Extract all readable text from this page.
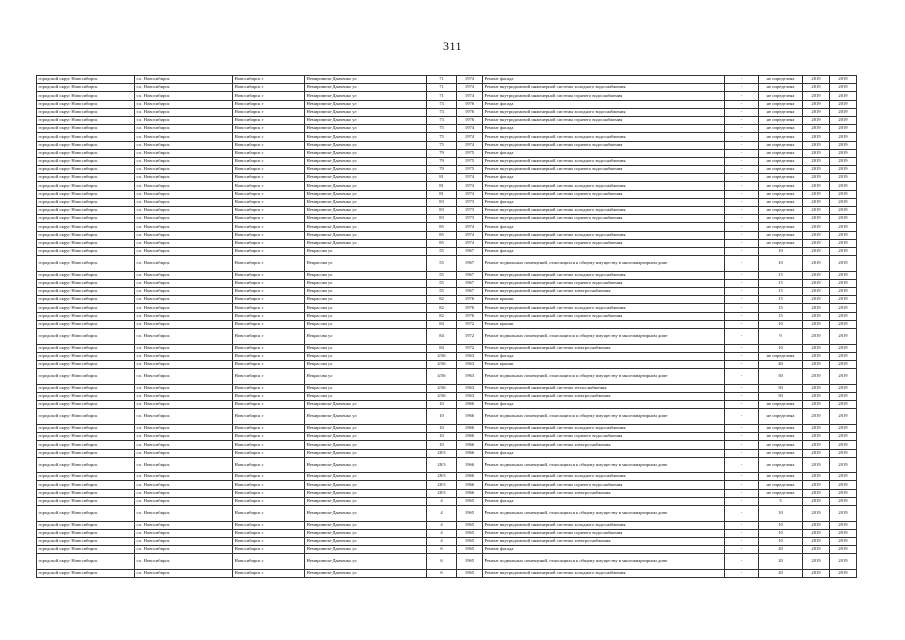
311
городской округ Новосибирск	г.о. Новосибирск	Новосибирск г	Немировича-Данченко ул	71	1974	Ремонт фасада	-	не определена	2019	2019
городской округ Новосибирск	г.о. Новосибирск	Новосибирск г	Немировича-Данченко ул	71	1974	Ремонт внутридомовой инженерной системы холодного водоснабжения	-	не определена	2019	2019
городской округ Новосибирск	г.о. Новосибирск	Новосибирск г	Немировича-Данченко ул	71	1974	Ремонт внутридомовой инженерной системы горячего водоснабжения	-	не определена	2019	2019
городской округ Новосибирск	г.о. Новосибирск	Новосибирск г	Немировича-Данченко ул	73	1976	Ремонт фасада	-	не определена	2019	2019
городской округ Новосибирск	г.о. Новосибирск	Новосибирск г	Немировича-Данченко ул	73	1976	Ремонт внутридомовой инженерной системы холодного водоснабжения	-	не определена	2019	2019
городской округ Новосибирск	г.о. Новосибирск	Новосибирск г	Немировича-Данченко ул	73	1976	Ремонт внутридомовой инженерной системы горячего водоснабжения	-	не определена	2019	2019
городской округ Новосибирск	г.о. Новосибирск	Новосибирск г	Немировича-Данченко ул	75	1974	Ремонт фасада	-	не определена	2019	2019
городской округ Новосибирск	г.о. Новосибирск	Новосибирск г	Немировича-Данченко ул	75	1974	Ремонт внутридомовой инженерной системы холодного водоснабжения	-	не определена	2019	2019
городской округ Новосибирск	г.о. Новосибирск	Новосибирск г	Немировича-Данченко ул	75	1974	Ремонт внутридомовой инженерной системы горячего водоснабжения	-	не определена	2019	2019
городской округ Новосибирск	г.о. Новосибирск	Новосибирск г	Немировича-Данченко ул	79	1975	Ремонт фасада	-	не определена	2019	2019
городской округ Новосибирск	г.о. Новосибирск	Новосибирск г	Немировича-Данченко ул	79	1975	Ремонт внутридомовой инженерной системы холодного водоснабжения	-	не определена	2019	2019
городской округ Новосибирск	г.о. Новосибирск	Новосибирск г	Немировича-Данченко ул	79	1975	Ремонт внутридомовой инженерной системы горячего водоснабжения	-	не определена	2019	2019
городской округ Новосибирск	г.о. Новосибирск	Новосибирск г	Немировича-Данченко ул	81	1974	Ремонт фасада	-	не определена	2019	2019
городской округ Новосибирск	г.о. Новосибирск	Новосибирск г	Немировича-Данченко ул	81	1974	Ремонт внутридомовой инженерной системы холодного водоснабжения	-	не определена	2019	2019
городской округ Новосибирск	г.о. Новосибирск	Новосибирск г	Немировича-Данченко ул	81	1974	Ремонт внутридомовой инженерной системы горячего водоснабжения	-	не определена	2019	2019
городской округ Новосибирск	г.о. Новосибирск	Новосибирск г	Немировича-Данченко ул	83	1973	Ремонт фасада	-	не определена	2019	2019
городской округ Новосибирск	г.о. Новосибирск	Новосибирск г	Немировича-Данченко ул	83	1973	Ремонт внутридомовой инженерной системы холодного водоснабжения	-	не определена	2019	2019
городской округ Новосибирск	г.о. Новосибирск	Новосибирск г	Немировича-Данченко ул	83	1973	Ремонт внутридомовой инженерной системы горячего водоснабжения	-	не определена	2019	2019
городской округ Новосибирск	г.о. Новосибирск	Новосибирск г	Немировича-Данченко ул	85	1974	Ремонт фасада	-	не определена	2019	2019
городской округ Новосибирск	г.о. Новосибирск	Новосибирск г	Немировича-Данченко ул	85	1974	Ремонт внутридомовой инженерной системы холодного водоснабжения	-	не определена	2019	2019
городской округ Новосибирск	г.о. Новосибирск	Новосибирск г	Немировича-Данченко ул	85	1974	Ремонт внутридомовой инженерной системы горячего водоснабжения	-	не определена	2019	2019
городской округ Новосибирск	г.о. Новосибирск	Новосибирск г	Некрасова ул	55	1967	Ремонт фасада	-	10	2019	2019
городской округ Новосибирск	г.о. Новосибирск	Новосибирск г	Некрасова ул	55	1967	Ремонт подвальных помещений, относящихся к общему имуществу в многоквартирном доме	-	10	2019	2019
городской округ Новосибирск	г.о. Новосибирск	Новосибирск г	Некрасова ул	55	1967	Ремонт внутридомовой инженерной системы холодного водоснабжения	-	15	2019	2019
городской округ Новосибирск	г.о. Новосибирск	Новосибирск г	Некрасова ул	55	1967	Ремонт внутридомовой инженерной системы горячего водоснабжения	-	15	2019	2019
городской округ Новосибирск	г.о. Новосибирск	Новосибирск г	Некрасова ул	55	1967	Ремонт внутридомовой инженерной системы электроснабжения	-	15	2019	2019
городской округ Новосибирск	г.о. Новосибирск	Новосибирск г	Некрасова ул	82	1976	Ремонт крыши	-	15	2019	2019
городской округ Новосибирск	г.о. Новосибирск	Новосибирск г	Некрасова ул	82	1976	Ремонт внутридомовой инженерной системы холодного водоснабжения	-	15	2019	2019
городской округ Новосибирск	г.о. Новосибирск	Новосибирск г	Некрасова ул	82	1976	Ремонт внутридомовой инженерной системы горячего водоснабжения	-	15	2019	2019
городской округ Новосибирск	г.о. Новосибирск	Новосибирск г	Некрасова ул	84	1972	Ремонт крыши	-	10	2019	2019
городской округ Новосибирск	г.о. Новосибирск	Новосибирск г	Некрасова ул	84	1972	Ремонт подвальных помещений, относящихся к общему имуществу в многоквартирном доме	-	9	2019	2019
городской округ Новосибирск	г.о. Новосибирск	Новосибирск г	Некрасова ул	84	1972	Ремонт внутридомовой инженерной системы электроснабжения	-	10	2019	2019
городской округ Новосибирск	г.о. Новосибирск	Новосибирск г	Некрасова ул	4/56	1963	Ремонт фасада	-	не определена	2019	2019
городской округ Новосибирск	г.о. Новосибирск	Новосибирск г	Некрасова ул	4/56	1963	Ремонт крыши	-	40	2019	2019
городской округ Новосибирск	г.о. Новосибирск	Новосибирск г	Некрасова ул	4/56	1963	Ремонт подвальных помещений, относящихся к общему имуществу в многоквартирном доме	-	50	2019	2019
городской округ Новосибирск	г.о. Новосибирск	Новосибирск г	Некрасова ул	4/56	1963	Ремонт внутридомовой инженерной системы теплоснабжения	-	50	2019	2019
городской округ Новосибирск	г.о. Новосибирск	Новосибирск г	Некрасова ул	4/56	1963	Ремонт внутридомовой инженерной системы электроснабжения	-	50	2019	2019
городской округ Новосибирск	г.о. Новосибирск	Новосибирск г	Немировича-Данченко ул	10	1966	Ремонт фасада	-	не определена	2019	2019
городской округ Новосибирск	г.о. Новосибирск	Новосибирск г	Немировича-Данченко ул	10	1966	Ремонт подвальных помещений, относящихся к общему имуществу в многоквартирном доме	-	не определена	2019	2019
городской округ Новосибирск	г.о. Новосибирск	Новосибирск г	Немировича-Данченко ул	10	1966	Ремонт внутридомовой инженерной системы холодного водоснабжения	-	не определена	2019	2019
городской округ Новосибирск	г.о. Новосибирск	Новосибирск г	Немировича-Данченко ул	10	1966	Ремонт внутридомовой инженерной системы горячего водоснабжения	-	не определена	2019	2019
городской округ Новосибирск	г.о. Новосибирск	Новосибирск г	Немировича-Данченко ул	10	1966	Ремонт внутридомовой инженерной системы электроснабжения	-	не определена	2019	2019
городской округ Новосибирск	г.о. Новосибирск	Новосибирск г	Немировича-Данченко ул	28/3	1966	Ремонт фасада	-	не определена	2019	2019
городской округ Новосибирск	г.о. Новосибирск	Новосибирск г	Немировича-Данченко ул	28/3	1966	Ремонт подвальных помещений, относящихся к общему имуществу в многоквартирном доме	-	не определена	2019	2019
городской округ Новосибирск	г.о. Новосибирск	Новосибирск г	Немировича-Данченко ул	28/3	1966	Ремонт внутридомовой инженерной системы холодного водоснабжения	-	не определена	2019	2019
городской округ Новосибирск	г.о. Новосибирск	Новосибирск г	Немировича-Данченко ул	28/3	1966	Ремонт внутридомовой инженерной системы горячего водоснабжения	-	не определена	2019	2019
городской округ Новосибирск	г.о. Новосибирск	Новосибирск г	Немировича-Данченко ул	28/3	1966	Ремонт внутридомовой инженерной системы электроснабжения	-	не определена	2019	2019
городской округ Новосибирск	г.о. Новосибирск	Новосибирск г	Немировича-Данченко ул	4	1965	Ремонт фасада	-	5	2019	2019
городской округ Новосибирск	г.о. Новосибирск	Новосибирск г	Немировича-Данченко ул	4	1965	Ремонт подвальных помещений, относящихся к общему имуществу в многоквартирном доме	-	10	2019	2019
городской округ Новосибирск	г.о. Новосибирск	Новосибирск г	Немировича-Данченко ул	4	1965	Ремонт внутридомовой инженерной системы холодного водоснабжения	-	10	2019	2019
городской округ Новосибирск	г.о. Новосибирск	Новосибирск г	Немировича-Данченко ул	4	1965	Ремонт внутридомовой инженерной системы горячего водоснабжения	-	10	2019	2019
городской округ Новосибирск	г.о. Новосибирск	Новосибирск г	Немировича-Данченко ул	4	1965	Ремонт внутридомовой инженерной системы электроснабжения	-	10	2019	2019
городской округ Новосибирск	г.о. Новосибирск	Новосибирск г	Немировича-Данченко ул	6	1965	Ремонт фасада	-	20	2019	2019
городской округ Новосибирск	г.о. Новосибирск	Новосибирск г	Немировича-Данченко ул	6	1965	Ремонт подвальных помещений, относящихся к общему имуществу в многоквартирном доме	-	20	2019	2019
городской округ Новосибирск	г.о. Новосибирск	Новосибирск г	Немировича-Данченко ул	6	1965	Ремонт внутридомовой инженерной системы холодного водоснабжения	-	20	2019	2019
